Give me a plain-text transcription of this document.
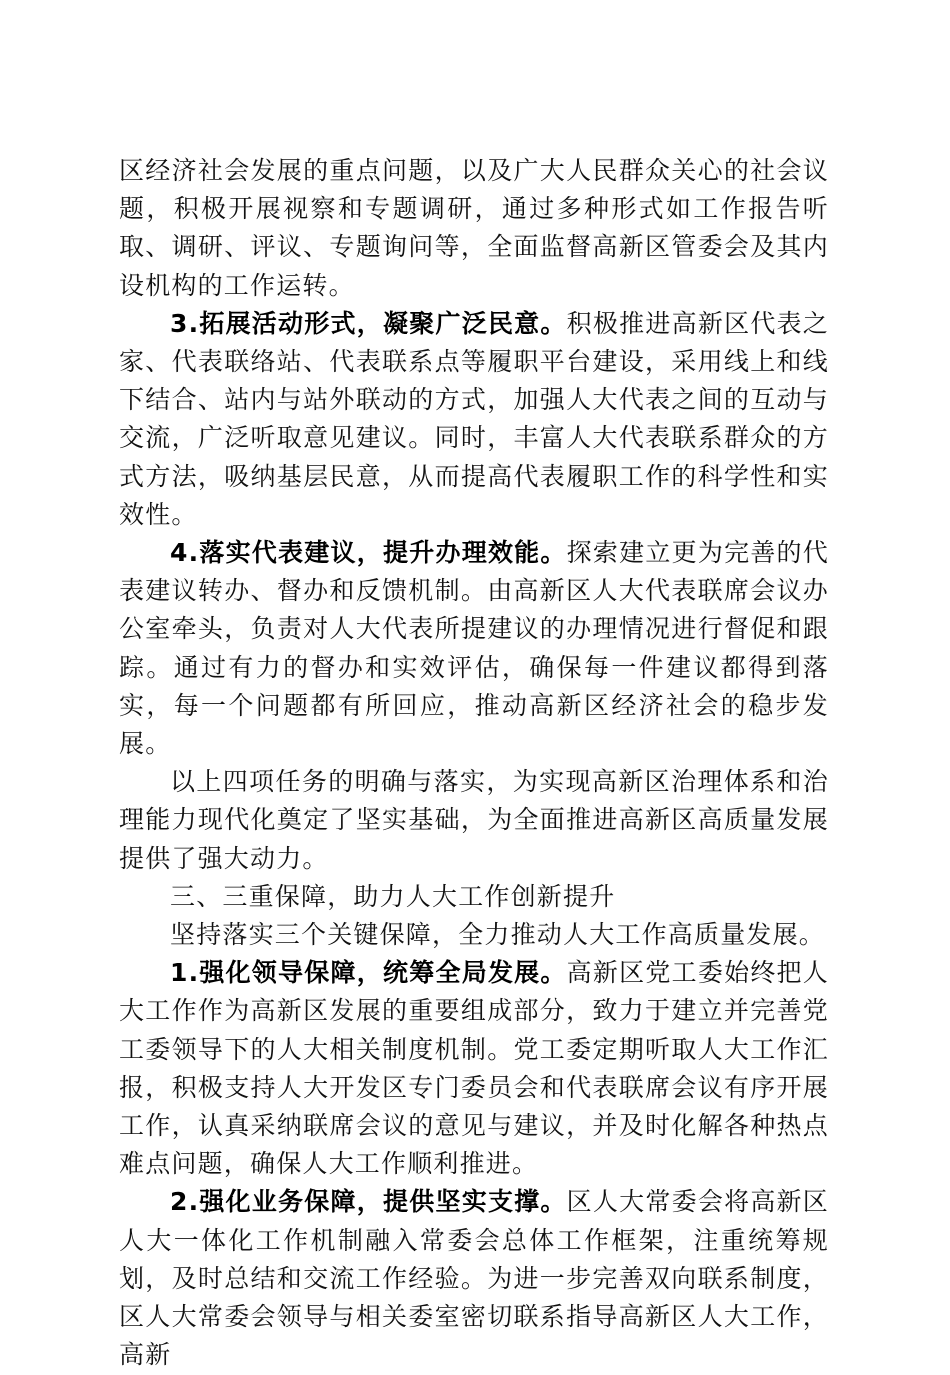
区经济社会发展的重点问题，以及广大人民群众关心的社会议题，积极开展视察和专题调研，通过多种形式如工作报告听取、调研、评议、专题询问等，全面监督高新区管委会及其内设机构的工作运转。

3.拓展活动形式，凝聚广泛民意。积极推进高新区代表之家、代表联络站、代表联系点等履职平台建设，采用线上和线下结合、站内与站外联动的方式，加强人大代表之间的互动与交流，广泛听取意见建议。同时，丰富人大代表联系群众的方式方法，吸纳基层民意，从而提高代表履职工作的科学性和实效性。

4.落实代表建议，提升办理效能。探索建立更为完善的代表建议转办、督办和反馈机制。由高新区人大代表联席会议办公室牵头，负责对人大代表所提建议的办理情况进行督促和跟踪。通过有力的督办和实效评估，确保每一件建议都得到落实，每一个问题都有所回应，推动高新区经济社会的稳步发展。

以上四项任务的明确与落实，为实现高新区治理体系和治理能力现代化奠定了坚实基础，为全面推进高新区高质量发展提供了强大动力。

三、三重保障，助力人大工作创新提升

坚持落实三个关键保障，全力推动人大工作高质量发展。

1.强化领导保障，统筹全局发展。高新区党工委始终把人大工作作为高新区发展的重要组成部分，致力于建立并完善党工委领导下的人大相关制度机制。党工委定期听取人大工作汇报，积极支持人大开发区专门委员会和代表联席会议有序开展工作，认真采纳联席会议的意见与建议，并及时化解各种热点难点问题，确保人大工作顺利推进。

2.强化业务保障，提供坚实支撑。区人大常委会将高新区人大一体化工作机制融入常委会总体工作框架，注重统筹规划，及时总结和交流工作经验。为进一步完善双向联系制度，区人大常委会领导与相关委室密切联系指导高新区人大工作，高新
